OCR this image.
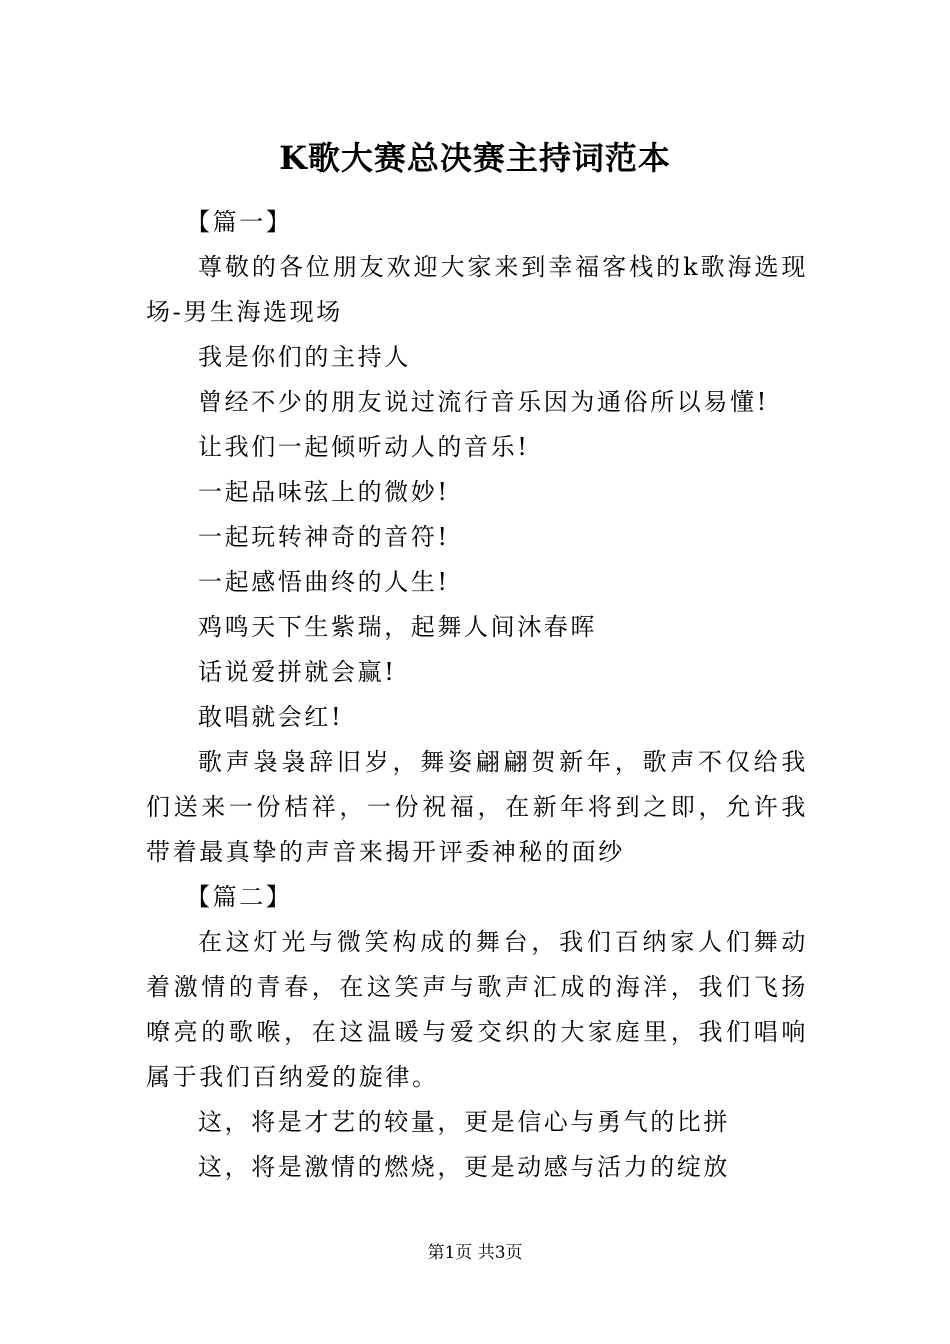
K歌大赛总决赛主持词范本

【篇一】

尊敬的各位朋友欢迎大家来到幸福客栈的k歌海选现场-男生海选现场

我是你们的主持人

曾经不少的朋友说过流行音乐因为通俗所以易懂!

让我们一起倾听动人的音乐!

一起品味弦上的微妙!

一起玩转神奇的音符!

一起感悟曲终的人生!

鸡鸣天下生紫瑞，起舞人间沐春晖

话说爱拼就会赢!

敢唱就会红!

歌声袅袅辞旧岁，舞姿翩翩贺新年，歌声不仅给我们送来一份桔祥，一份祝福，在新年将到之即，允许我带着最真挚的声音来揭开评委神秘的面纱

【篇二】

在这灯光与微笑构成的舞台，我们百纳家人们舞动着激情的青春，在这笑声与歌声汇成的海洋，我们飞扬嘹亮的歌喉，在这温暖与爱交织的大家庭里，我们唱响属于我们百纳爱的旋律。

这，将是才艺的较量，更是信心与勇气的比拼

这，将是激情的燃烧，更是动感与活力的绽放

第1页 共3页
